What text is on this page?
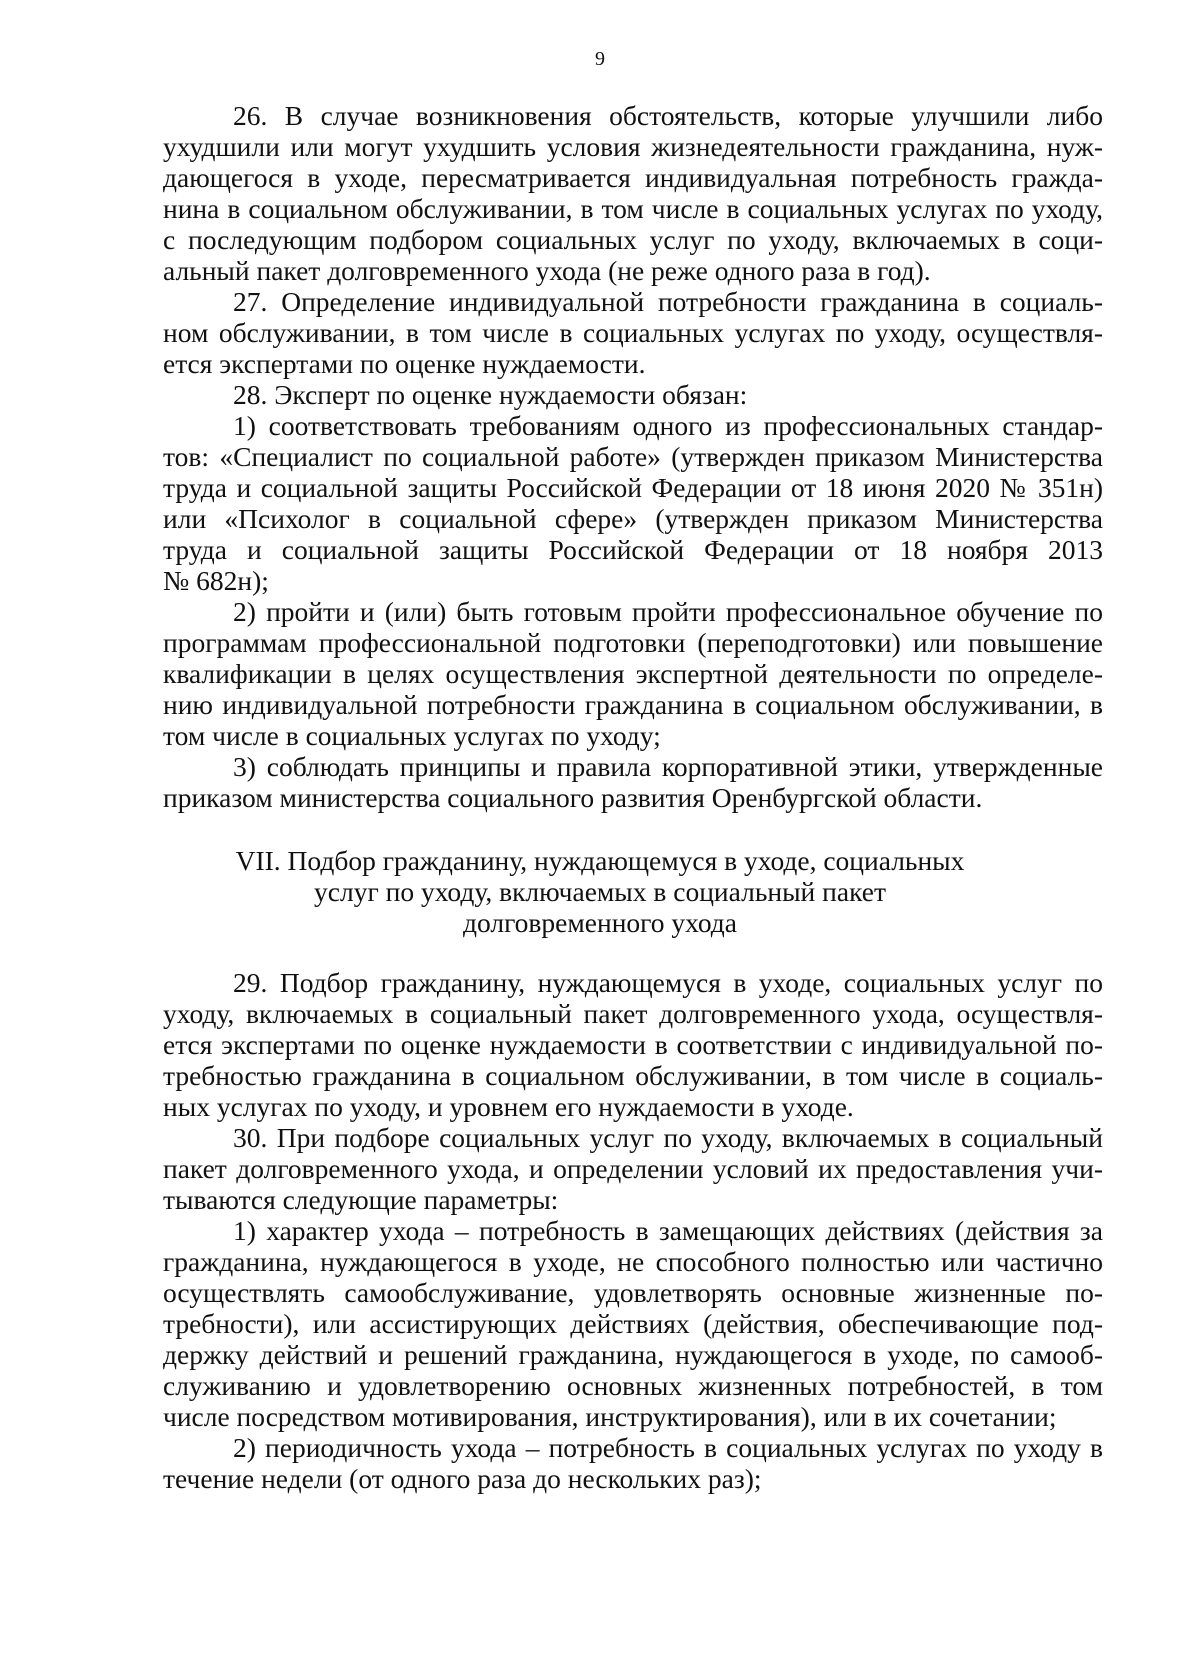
9
26. В случае возникновения обстоятельств, которые улучшили либо
ухудшили или могут ухудшить условия жизнедеятельности гражданина, нуж-
дающегося в уходе, пересматривается индивидуальная потребность гражда-
нина в социальном обслуживании, в том числе в социальных услугах по уходу,
с последующим подбором социальных услуг по уходу, включаемых в соци-
альный пакет долговременного ухода (не реже одного раза в год).
27. Определение индивидуальной потребности гражданина в социаль-
ном обслуживании, в том числе в социальных услугах по уходу, осуществля-
ется экспертами по оценке нуждаемости.
28. Эксперт по оценке нуждаемости обязан:
1) соответствовать требованиям одного из профессиональных стандар-
тов: «Специалист по социальной работе» (утвержден приказом Министерства
труда и социальной защиты Российской Федерации от 18 июня 2020 № 351н)
или «Психолог в социальной сфере» (утвержден приказом Министерства
труда и социальной защиты Российской Федерации от 18 ноября 2013
№ 682н);
2) пройти и (или) быть готовым пройти профессиональное обучение по
программам профессиональной подготовки (переподготовки) или повышение
квалификации в целях осуществления экспертной деятельности по определе-
нию индивидуальной потребности гражданина в социальном обслуживании, в
том числе в социальных услугах по уходу;
3) соблюдать принципы и правила корпоративной этики, утвержденные
приказом министерства социального развития Оренбургской области.
VII. Подбор гражданину, нуждающемуся в уходе, социальных
услуг по уходу, включаемых в социальный пакет
долговременного ухода
29. Подбор гражданину, нуждающемуся в уходе, социальных услуг по
уходу, включаемых в социальный пакет долговременного ухода, осуществля-
ется экспертами по оценке нуждаемости в соответствии с индивидуальной по-
требностью гражданина в социальном обслуживании, в том числе в социаль-
ных услугах по уходу, и уровнем его нуждаемости в уходе.
30. При подборе социальных услуг по уходу, включаемых в социальный
пакет долговременного ухода, и определении условий их предоставления учи-
тываются следующие параметры:
1) характер ухода – потребность в замещающих действиях (действия за
гражданина, нуждающегося в уходе, не способного полностью или частично
осуществлять самообслуживание, удовлетворять основные жизненные по-
требности), или ассистирующих действиях (действия, обеспечивающие под-
держку действий и решений гражданина, нуждающегося в уходе, по самооб-
служиванию и удовлетворению основных жизненных потребностей, в том
числе посредством мотивирования, инструктирования), или в их сочетании;
2) периодичность ухода – потребность в социальных услугах по уходу в
течение недели (от одного раза до нескольких раз);
